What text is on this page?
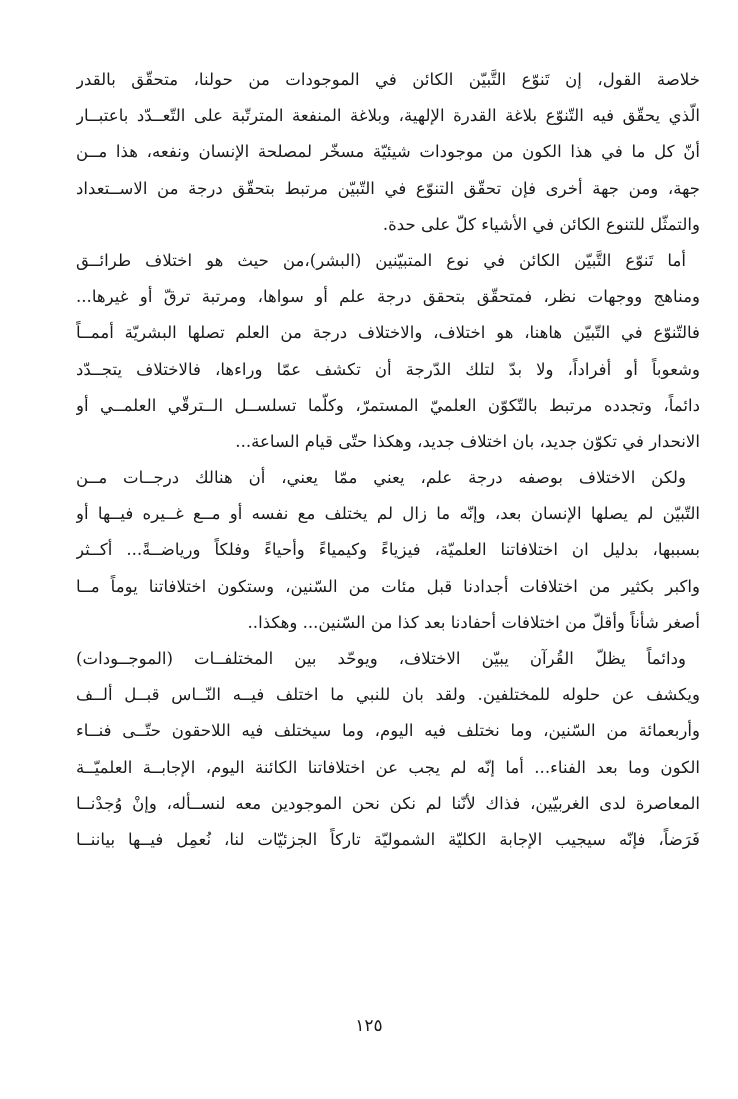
خلاصة القول، إن تَنوّع التَّبيّن الكائن في الموجودات من حولنا، متحقّق بالقدر
الّذي يحقّق فيه التّنوّع بلاغة القدرة الإلهية، وبلاغة المنفعة المترتّبة على التّعــدّد باعتبــار
أنّ كل ما في هذا الكون من موجودات شيئيّة مسخّر لمصلحة الإنسان ونفعه، هذا مــن
جهة، ومن جهة أخرى فإن تحقّق التنوّع في التّبيّن مرتبط بتحقّق درجة من الاســتعداد
والتمثّل للتنوع الكائن في الأشياء كلّ على حدة.
أما تَنوّع التَّبيّن الكائن في نوع المتبيّنين (البشر)،من حيث هو اختلاف طرائــق
ومناهج ووجهات نظر، فمتحقّق بتحقق درجة علم أو سواها، ومرتبة ترقّ أو غيرها...
فالتّنوّع في التّبيّن هاهنا، هو اختلاف، والاختلاف درجة من العلم تصلها البشريّة أممــاً
وشعوباً أو أفراداً، ولا بدّ لتلك الدّرجة أن تكشف عمّا وراءها، فالاختلاف يتجــدّد
دائماً، وتجدده مرتبط بالتّكوّن العلميّ المستمرّ، وكلّما تسلســل الــترقّي العلمــي أو
الانحدار في تكوّن جديد، بان اختلاف جديد، وهكذا حتّى قيام الساعة...
ولكن الاختلاف بوصفه درجة علم، يعني ممّا يعني، أن هنالك درجــات مــن
التّبيّن لم يصلها الإنسان بعد، وإنّه ما زال لم يختلف مع نفسه أو مــع غــيره فيــها أو
بسببها، بدليل ان اختلافاتنا العلميّة، فيزياءً وكيمياءً وأحياءً وفلكاً ورياضــةً... أكــثر
واكبر بكثير من اختلافات أجدادنا قبل مئات من السّنين، وستكون اختلافاتنا يوماً مــا
أصغر شأناً وأقلّ من اختلافات أحفادنا بعد كذا من السّنين... وهكذا..
ودائماً يظلّ القُرآن يبيّن الاختلاف، ويوحّد بين المختلفــات (الموجــودات)
ويكشف عن حلوله للمختلفين. ولقد بان للنبي ما اختلف فيــه النّــاس قبــل ألــف
وأربعمائة من السّنين، وما نختلف فيه اليوم، وما سيختلف فيه اللاحقون حتّــى فنــاء
الكون وما بعد الفناء... أما إنّه لم يجب عن اختلافاتنا الكائنة اليوم، الإجابــة العلميّــة
المعاصرة لدى الغربيّين، فذاك لأنّنا لم نكن نحن الموجودين معه لنســأله، وإنْ وُجدْنــا
فَرَضاً، فإنّه سيجيب الإجابة الكليّة الشموليّة تاركاً الجزئيّات لنا، نُعمِل فيــها بياننــا
١٢٥
